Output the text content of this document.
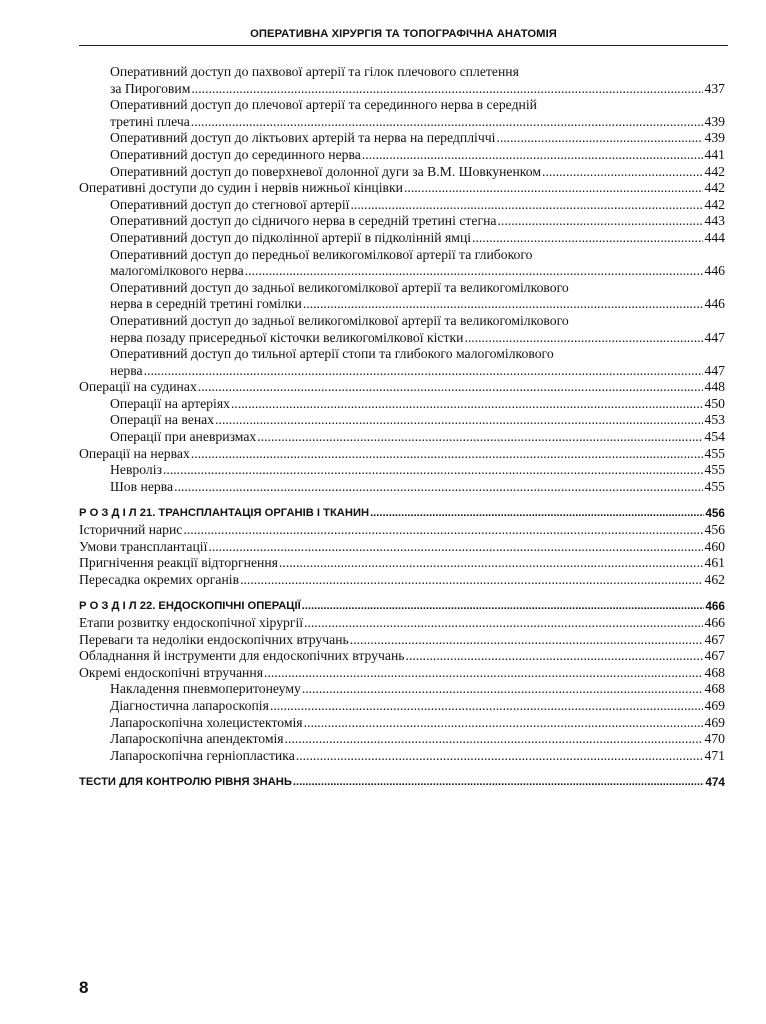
ОПЕРАТИВНА ХІРУРГІЯ ТА ТОПОГРАФІЧНА АНАТОМІЯ
Оперативний доступ до пахвової артерії та гілок плечового сплетення
за Пироговим .....	437
Оперативний доступ до плечової артерії та серединного нерва в середній
третині плеча .....	439
Оперативний доступ до ліктьових артерій та нерва на передпліччі .....	439
Оперативний доступ до серединного нерва .....	441
Оперативний доступ до поверхневої долонної дуги за В.М. Шовкуненком .....	442
Оперативні доступи до судин і нервів нижньої кінцівки .....	442
Оперативний доступ до стегнової артерії .....	442
Оперативний доступ до сідничого нерва в середній третині стегна .....	443
Оперативний доступ до підколінної артерії в підколінній ямці .....	444
Оперативний доступ до передньої великогомілкової артерії та глибокого
малогомілкового нерва .....	446
Оперативний доступ до задньої великогомілкової артерії та великогомілкового
нерва в середній третині гомілки .....	446
Оперативний доступ до задньої великогомілкової артерії та великогомілкового
нерва позаду присередньої кісточки великогомілкової кістки .....	447
Оперативний доступ до тильної артерії стопи та глибокого малогомілкового
нерва .....	447
Операції на судинах .....	448
Операції на артеріях .....	450
Операції на венах .....	453
Операції при аневризмах .....	454
Операції на нервах .....	455
Невроліз .....	455
Шов нерва .....	455
Р О З Д І Л 21. ТРАНСПЛАНТАЦІЯ ОРГАНІВ І ТКАНИН .....	456
Історичний нарис .....	456
Умови трансплантації .....	460
Пригнічення реакції відторгнення .....	461
Пересадка окремих органів .....	462
Р О З Д І Л 22. ЕНДОСКОПІЧНІ ОПЕРАЦІЇ .....	466
Етапи розвитку ендоскопічної хірургії .....	466
Переваги та недоліки ендоскопічних втручань .....	467
Обладнання й інструменти для ендоскопічних втручань .....	467
Окремі ендоскопічні втручання .....	468
Накладення пневмоперитонеуму .....	468
Діагностична лапароскопія .....	469
Лапароскопічна холецистектомія .....	469
Лапароскопічна апендектомія .....	470
Лапароскопічна герніопластика .....	471
ТЕСТИ ДЛЯ КОНТРОЛЮ РІВНЯ ЗНАНЬ .....	474
8
